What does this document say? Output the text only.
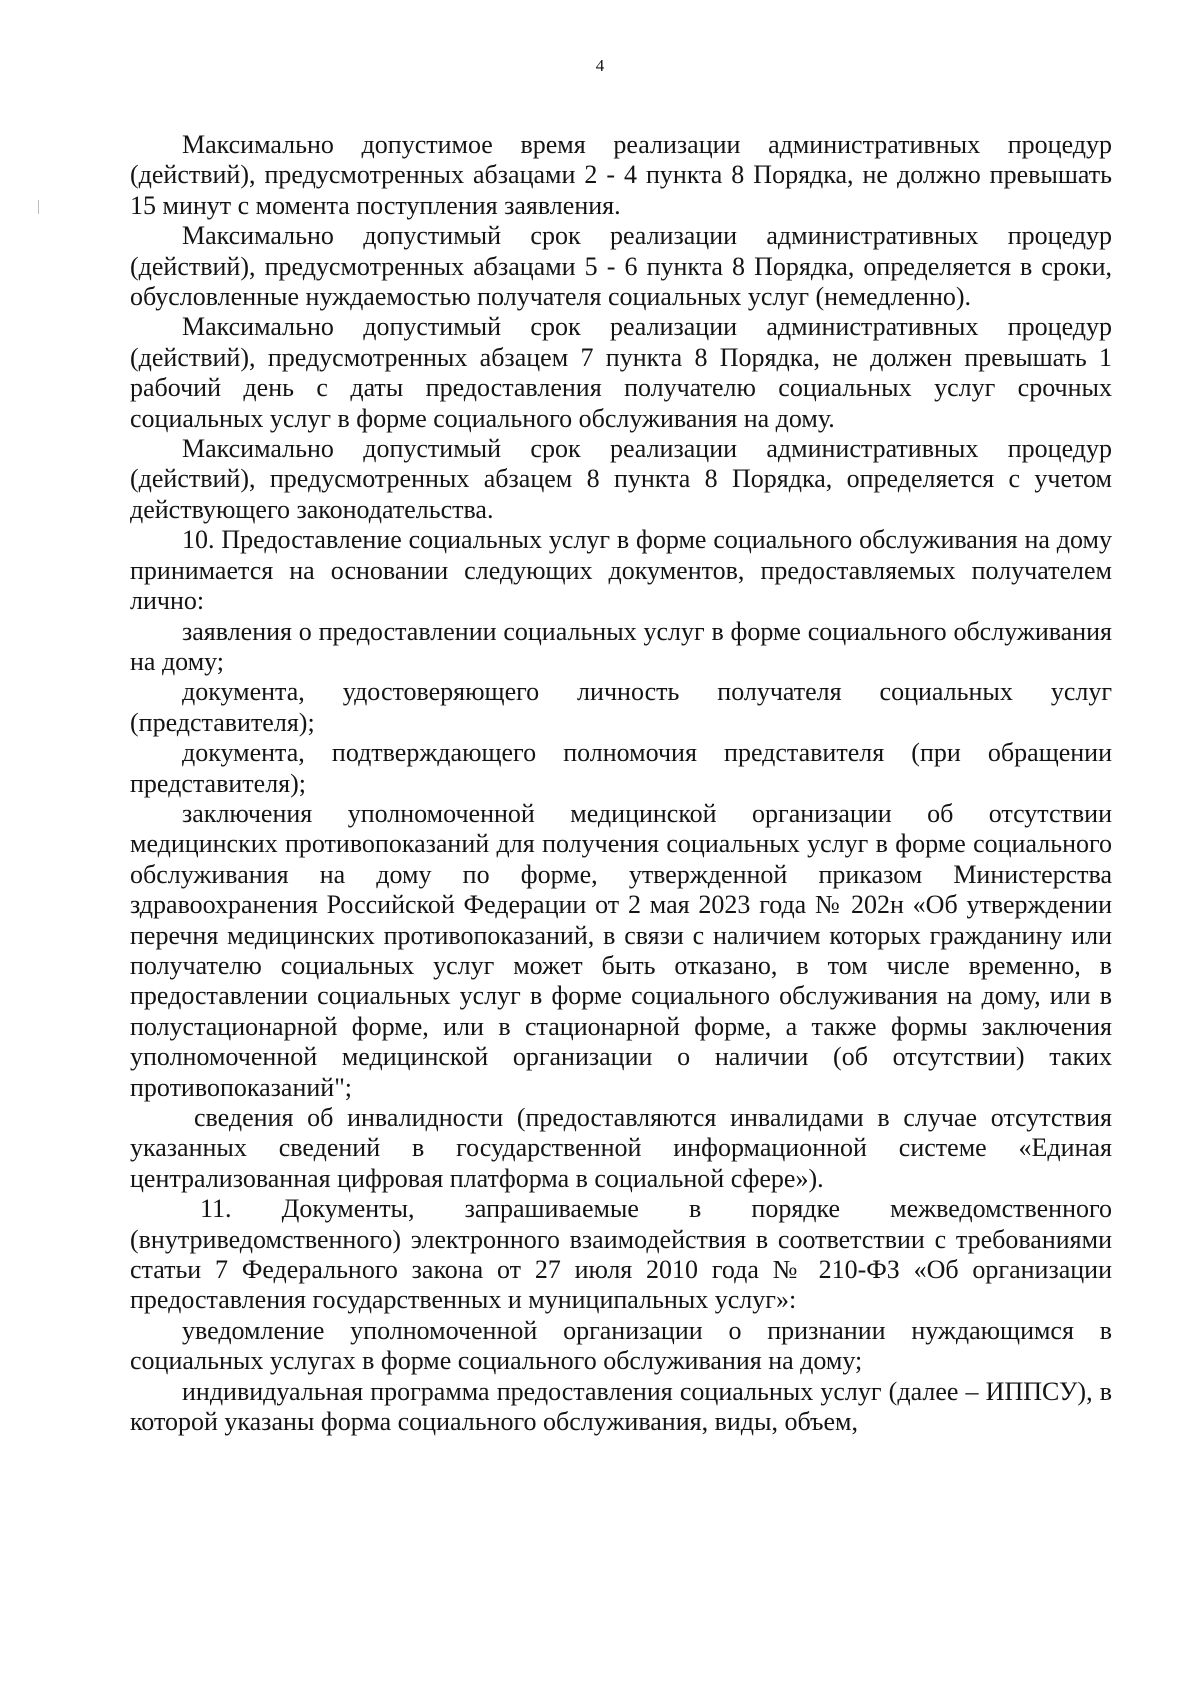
4

Максимально допустимое время реализации административных процедур (действий), предусмотренных абзацами 2 - 4 пункта 8 Порядка, не должно превышать 15 минут с момента поступления заявления.

Максимально допустимый срок реализации административных процедур (действий), предусмотренных абзацами 5 - 6 пункта 8 Порядка, определяется в сроки, обусловленные нуждаемостью получателя социальных услуг (немедленно).

Максимально допустимый срок реализации административных процедур (действий), предусмотренных абзацем 7 пункта 8 Порядка, не должен превышать 1 рабочий день с даты предоставления получателю социальных услуг срочных социальных услуг в форме социального обслуживания на дому.

Максимально допустимый срок реализации административных процедур (действий), предусмотренных абзацем 8 пункта 8 Порядка, определяется с учетом действующего законодательства.

10. Предоставление социальных услуг в форме социального обслуживания на дому принимается на основании следующих документов, предоставляемых получателем лично:

заявления о предоставлении социальных услуг в форме социального обслуживания на дому;

документа, удостоверяющего личность получателя социальных услуг (представителя);

документа, подтверждающего полномочия представителя (при обращении представителя);

заключения уполномоченной медицинской организации об отсутствии медицинских противопоказаний для получения социальных услуг в форме социального обслуживания на дому по форме, утвержденной приказом Министерства здравоохранения Российской Федерации от 2 мая 2023 года № 202н «Об утверждении перечня медицинских противопоказаний, в связи с наличием которых гражданину или получателю социальных услуг может быть отказано, в том числе временно, в предоставлении социальных услуг в форме социального обслуживания на дому, или в полустационарной форме, или в стационарной форме, а также формы заключения уполномоченной медицинской организации о наличии (об отсутствии) таких противопоказаний";

сведения об инвалидности (предоставляются инвалидами в случае отсутствия указанных сведений в государственной информационной системе «Единая централизованная цифровая платформа в социальной сфере»).

11. Документы, запрашиваемые в порядке межведомственного (внутриведомственного) электронного взаимодействия в соответствии с требованиями статьи 7 Федерального закона от 27 июля 2010 года № 210-ФЗ «Об организации предоставления государственных и муниципальных услуг»:

уведомление уполномоченной организации о признании нуждающимся в социальных услугах в форме социального обслуживания на дому;

индивидуальная программа предоставления социальных услуг (далее – ИППСУ), в которой указаны форма социального обслуживания, виды, объем,
